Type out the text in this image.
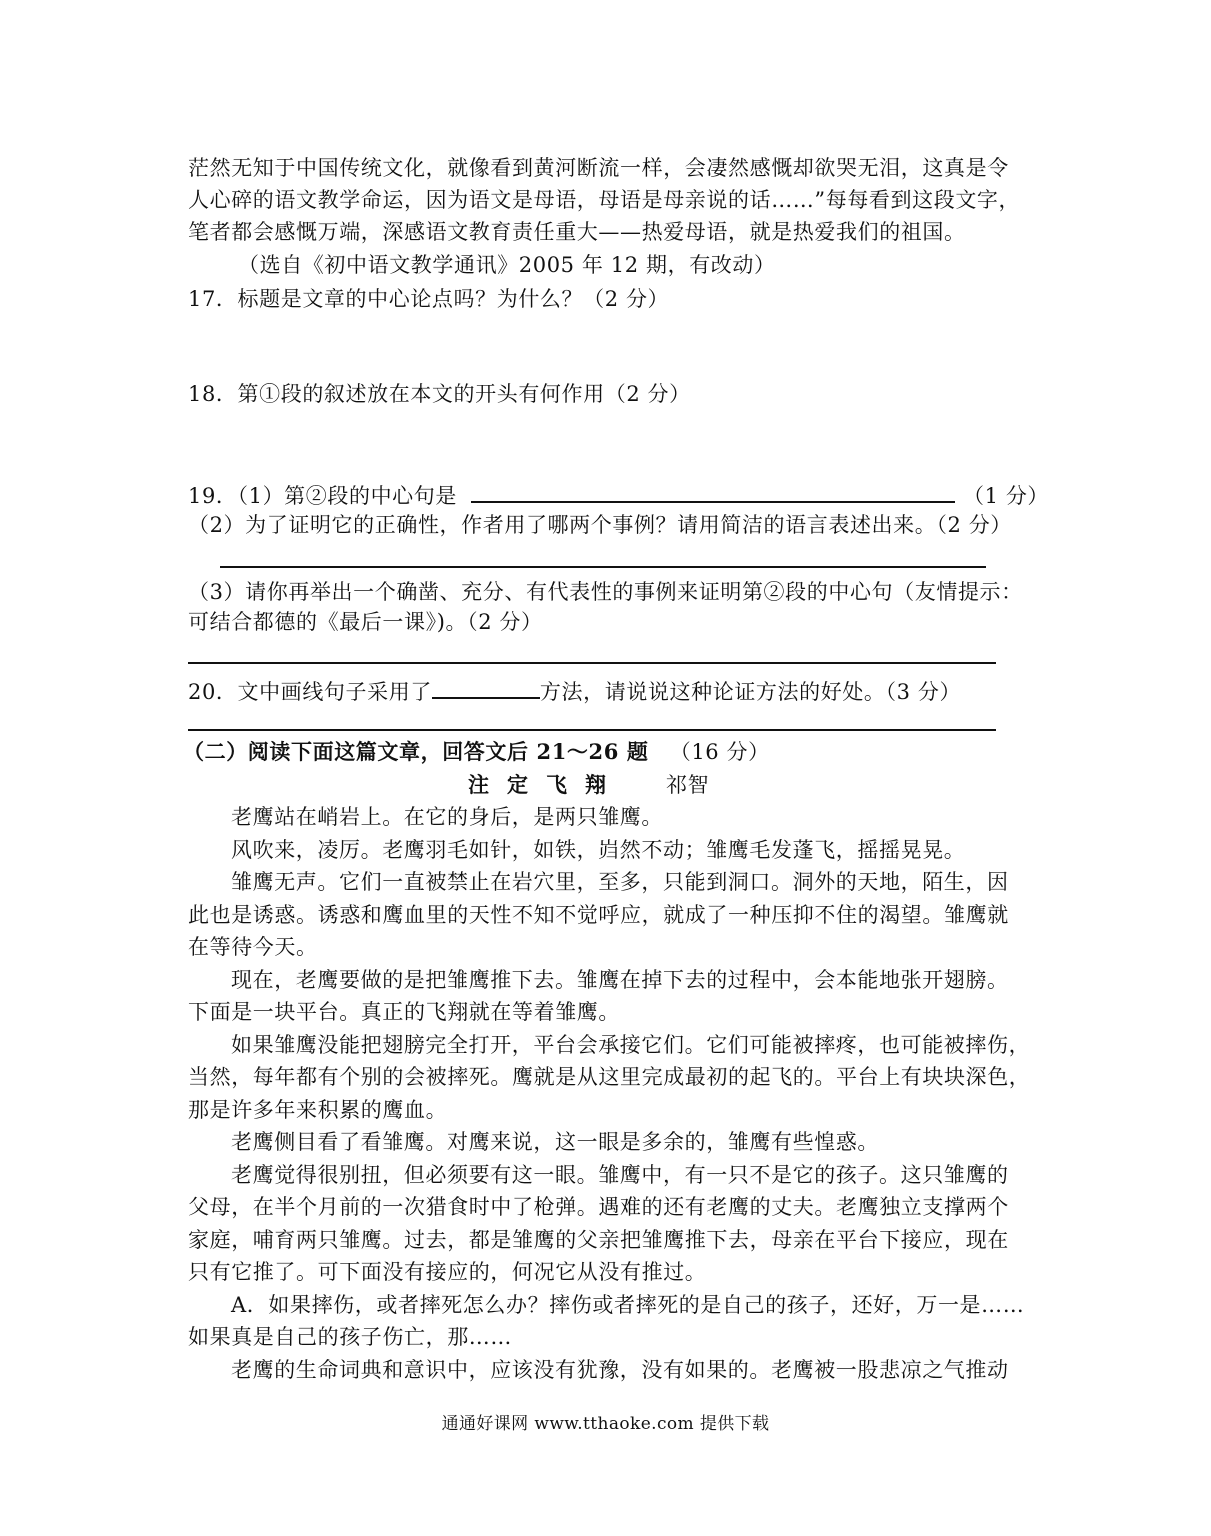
茫然无知于中国传统文化，就像看到黄河断流一样，会凄然感慨却欲哭无泪，这真是令
人心碎的语文教学命运，因为语文是母语，母语是母亲说的话……”每每看到这段文字，
笔者都会感慨万端，深感语文教育责任重大——热爱母语，就是热爱我们的祖国。
（选自《初中语文教学通讯》2005 年 12 期，有改动）
17．标题是文章的中心论点吗？为什么？（2 分）
18．第①段的叙述放在本文的开头有何作用（2 分）
19．（1）第②段的中心句是	（1 分）
（2）为了证明它的正确性，作者用了哪两个事例？请用简洁的语言表述出来。（2 分）
（3）请你再举出一个确凿、充分、有代表性的事例来证明第②段的中心句（友情提示：
可结合都德的《最后一课》)。（2 分）
20．文中画线句子采用了	方法，请说说这种论证方法的好处。（3 分）
（二）阅读下面这篇文章，回答文后 21～26 题 （16 分）
注定飞翔 祁智
老鹰站在峭岩上。在它的身后，是两只雏鹰。
风吹来，凌厉。老鹰羽毛如针，如铁，岿然不动；雏鹰毛发蓬飞，摇摇晃晃。
雏鹰无声。它们一直被禁止在岩穴里，至多，只能到洞口。洞外的天地，陌生，因
此也是诱惑。诱惑和鹰血里的天性不知不觉呼应，就成了一种压抑不住的渴望。雏鹰就
在等待今天。
现在，老鹰要做的是把雏鹰推下去。雏鹰在掉下去的过程中，会本能地张开翅膀。
下面是一块平台。真正的飞翔就在等着雏鹰。
如果雏鹰没能把翅膀完全打开，平台会承接它们。它们可能被摔疼，也可能被摔伤，
当然，每年都有个别的会被摔死。鹰就是从这里完成最初的起飞的。平台上有块块深色，
那是许多年来积累的鹰血。
老鹰侧目看了看雏鹰。对鹰来说，这一眼是多余的，雏鹰有些惶惑。
老鹰觉得很别扭，但必须要有这一眼。雏鹰中，有一只不是它的孩子。这只雏鹰的
父母，在半个月前的一次猎食时中了枪弹。遇难的还有老鹰的丈夫。老鹰独立支撑两个
家庭，哺育两只雏鹰。过去，都是雏鹰的父亲把雏鹰推下去，母亲在平台下接应，现在
只有它推了。可下面没有接应的，何况它从没有推过。
A．如果摔伤，或者摔死怎么办？摔伤或者摔死的是自己的孩子，还好，万一是……
如果真是自己的孩子伤亡，那……
老鹰的生命词典和意识中，应该没有犹豫，没有如果的。老鹰被一股悲凉之气推动
通通好课网 www.tthaoke.com 提供下载
